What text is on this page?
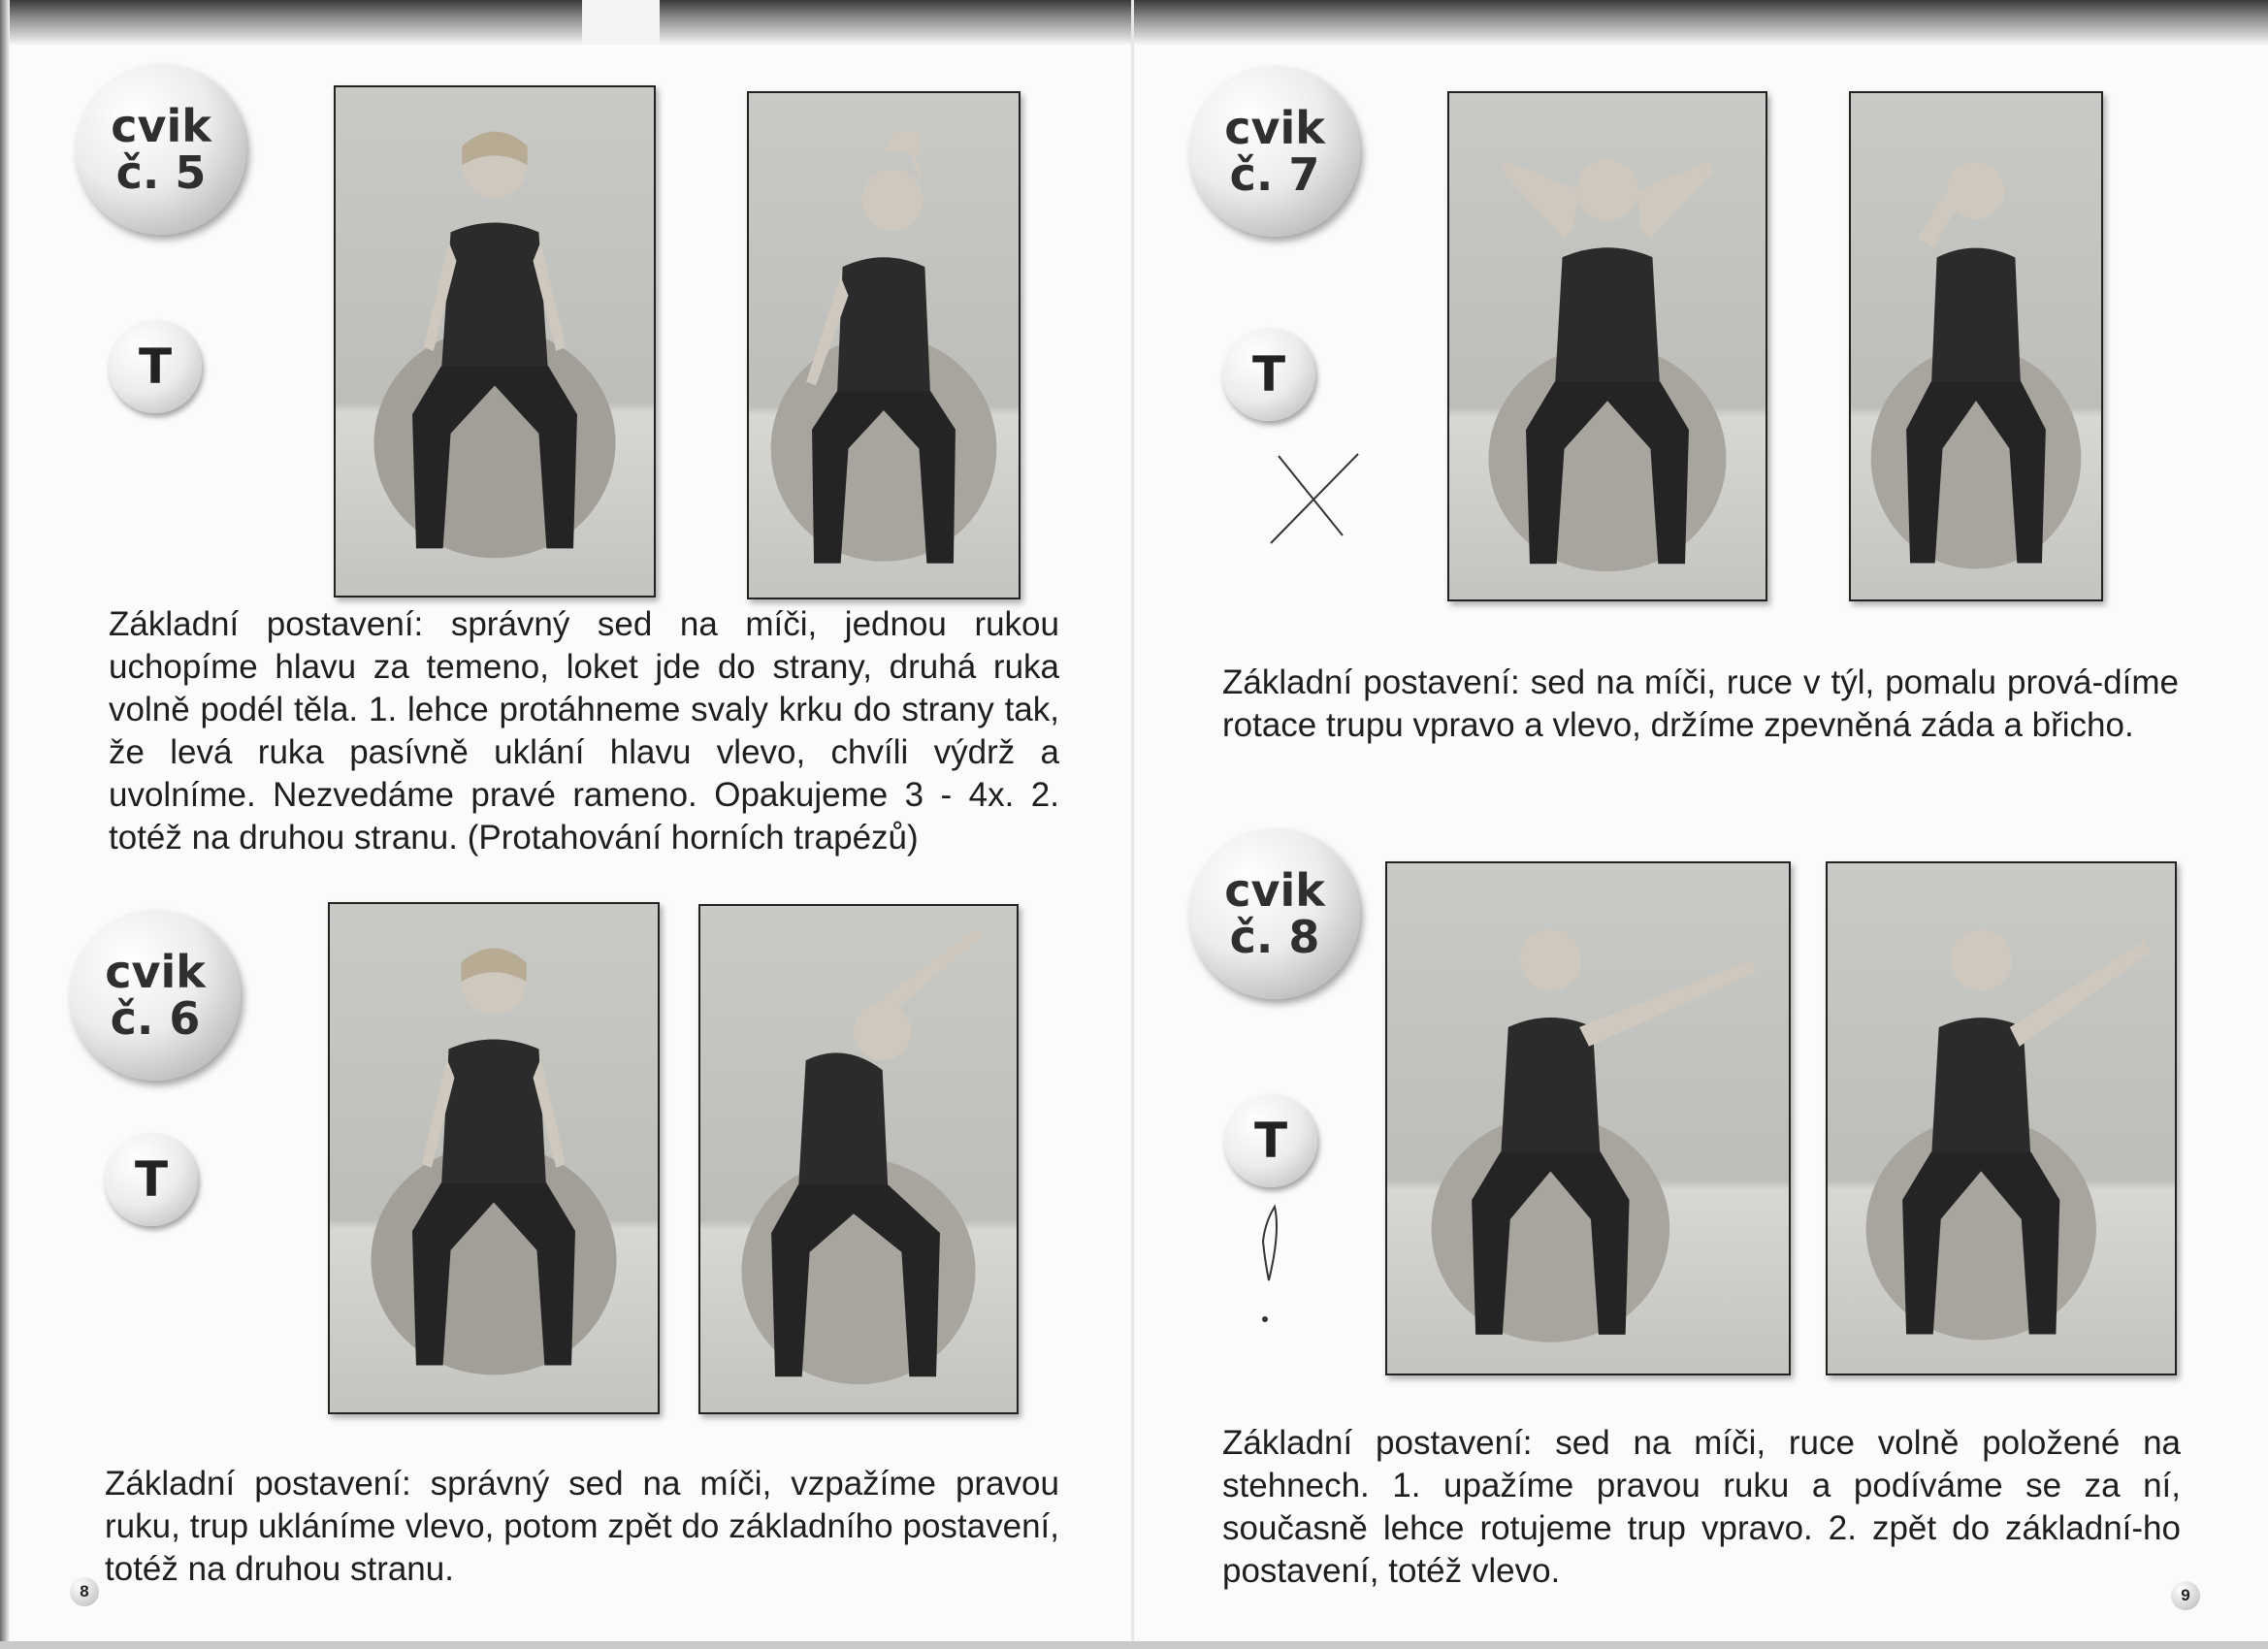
cvik
č. 5
T

Základní postavení: správný sed na míči, jednou rukou uchopíme hlavu za temeno, loket jde do strany, druhá ruka volně podél těla. 1. lehce protáhneme svaly krku do strany tak, že levá ruka pasívně uklání hlavu vlevo, chvíli výdrž a uvolníme. Nezvedáme pravé rameno. Opakujeme 3 - 4x. 2. totéž na druhou stranu. (Protahování horních trapézů)

cvik
č. 6
T

Základní postavení: správný sed na míči, vzpažíme pravou ruku, trup ukláníme vlevo, potom zpět do základního postavení, totéž na druhou stranu.

8
cvik
č. 7
T

Základní postavení: sed na míči, ruce v týl, pomalu prová-díme rotace trupu vpravo a vlevo, držíme zpevněná záda a břicho.

cvik
č. 8
T

Základní postavení: sed na míči, ruce volně položené na stehnech. 1. upažíme pravou ruku a podíváme se za ní, současně lehce rotujeme trup vpravo. 2. zpět do základní-ho postavení, totéž vlevo.

9
